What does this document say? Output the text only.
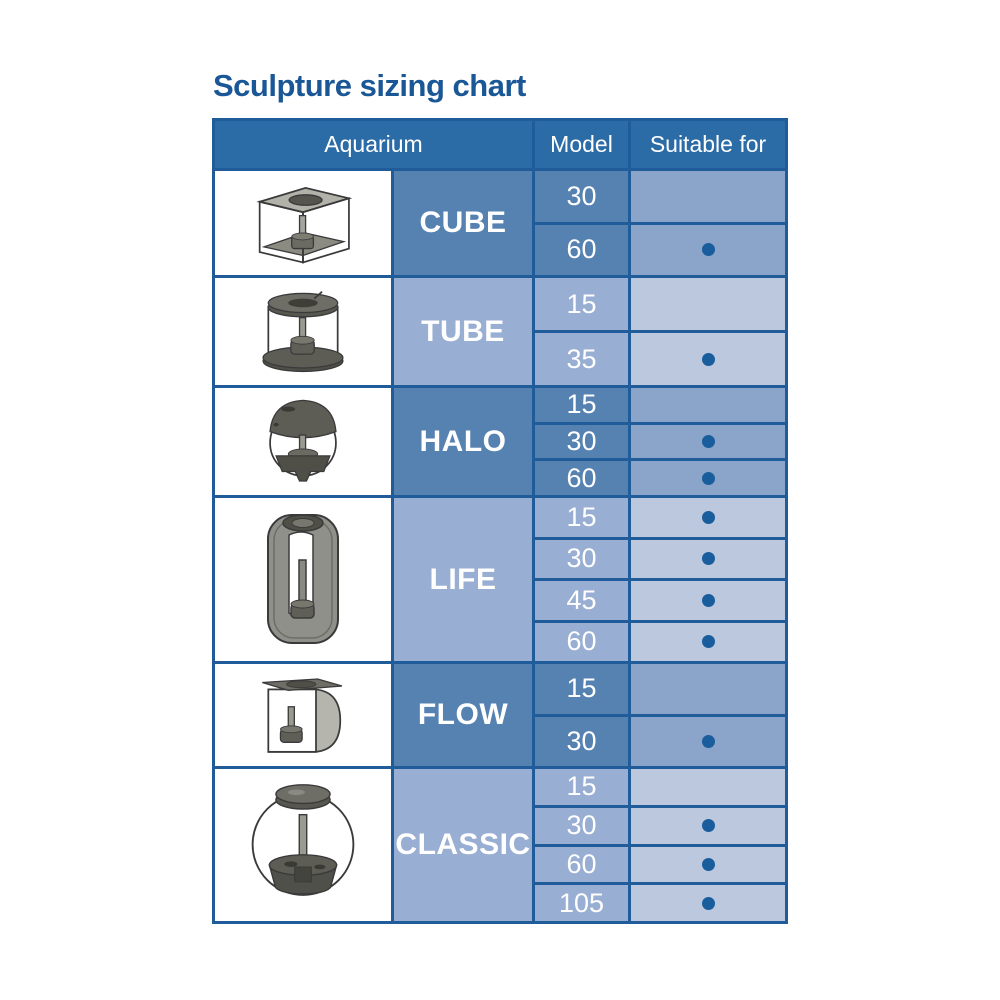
Sculpture sizing chart
Aquarium	Model	Suitable for
CUBE
30
60
TUBE
15
35
HALO
15
30
60
LIFE
15
30
45
60
FLOW
15
30
CLASSIC
15
30
60
105
